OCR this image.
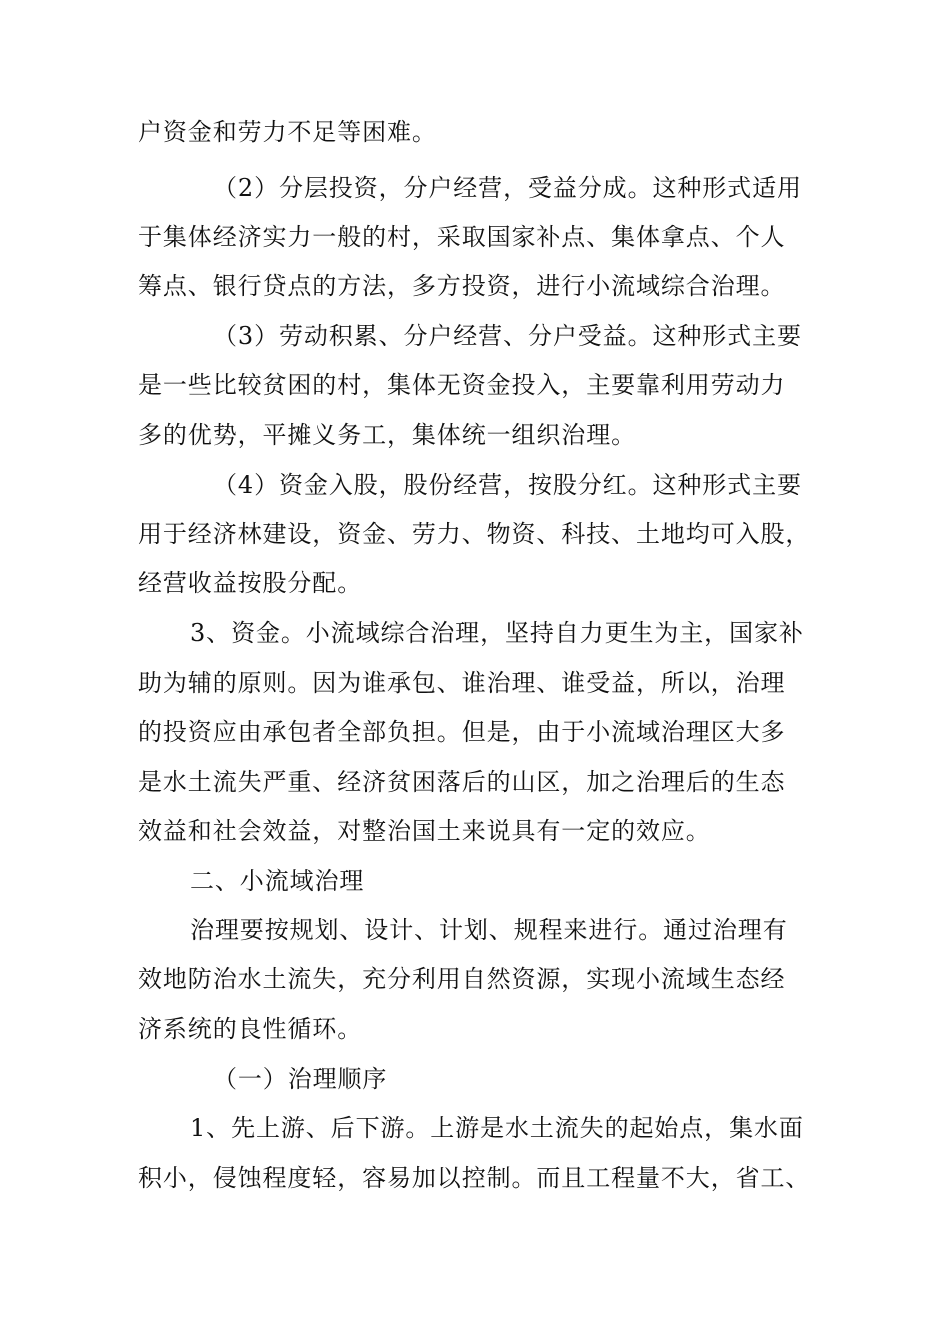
户资金和劳力不足等困难。
（2）分层投资，分户经营，受益分成。这种形式适用
于集体经济实力一般的村，采取国家补点、集体拿点、个人
筹点、银行贷点的方法，多方投资，进行小流域综合治理。
（3）劳动积累、分户经营、分户受益。这种形式主要
是一些比较贫困的村，集体无资金投入，主要靠利用劳动力
多的优势，平摊义务工，集体统一组织治理。
（4）资金入股，股份经营，按股分红。这种形式主要
用于经济林建设，资金、劳力、物资、科技、土地均可入股，
经营收益按股分配。
3、资金。小流域综合治理，坚持自力更生为主，国家补
助为辅的原则。因为谁承包、谁治理、谁受益，所以，治理
的投资应由承包者全部负担。但是，由于小流域治理区大多
是水土流失严重、经济贫困落后的山区，加之治理后的生态
效益和社会效益，对整治国土来说具有一定的效应。
二、小流域治理
治理要按规划、设计、计划、规程来进行。通过治理有
效地防治水土流失，充分利用自然资源，实现小流域生态经
济系统的良性循环。
（一）治理顺序
1、先上游、后下游。上游是水土流失的起始点，集水面
积小，侵蚀程度轻，容易加以控制。而且工程量不大，省工、
